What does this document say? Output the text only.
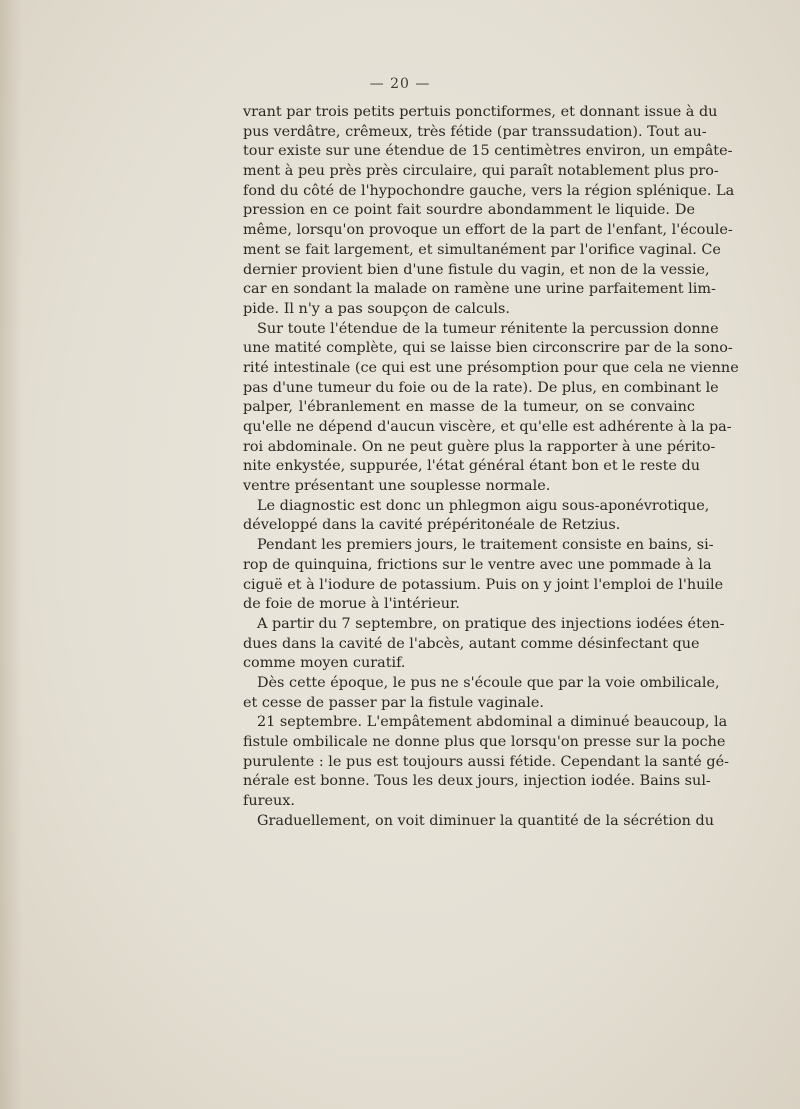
— 20 —
vrant par trois petits pertuis ponctiformes, et donnant issue à du
pus verdâtre, crêmeux, très fétide (par transsudation). Tout au-
tour existe sur une étendue de 15 centimètres environ, un empâte-
ment à peu près près circulaire, qui paraît notablement plus pro-
fond du côté de l'hypochondre gauche, vers la région splénique. La
pression en ce point fait sourdre abondamment le liquide. De
même, lorsqu'on provoque un effort de la part de l'enfant, l'écoule-
ment se fait largement, et simultanément par l'orifice vaginal. Ce
dernier provient bien d'une fistule du vagin, et non de la vessie,
car en sondant la malade on ramène une urine parfaitement lim-
pide. Il n'y a pas soupçon de calculs.
Sur toute l'étendue de la tumeur rénitente la percussion donne
une matité complète, qui se laisse bien circonscrire par de la sono-
rité intestinale (ce qui est une présomption pour que cela ne vienne
pas d'une tumeur du foie ou de la rate). De plus, en combinant le
palper, l'ébranlement en masse de la tumeur, on se convainc
qu'elle ne dépend d'aucun viscère, et qu'elle est adhérente à la pa-
roi abdominale. On ne peut guère plus la rapporter à une périto-
nite enkystée, suppurée, l'état général étant bon et le reste du
ventre présentant une souplesse normale.
Le diagnostic est donc un phlegmon aigu sous-aponévrotique,
développé dans la cavité prépéritonéale de Retzius.
Pendant les premiers jours, le traitement consiste en bains, si-
rop de quinquina, frictions sur le ventre avec une pommade à la
ciguë et à l'iodure de potassium. Puis on y joint l'emploi de l'huile
de foie de morue à l'intérieur.
A partir du 7 septembre, on pratique des injections iodées éten-
dues dans la cavité de l'abcès, autant comme désinfectant que
comme moyen curatif.
Dès cette époque, le pus ne s'écoule que par la voie ombilicale,
et cesse de passer par la fistule vaginale.
21 septembre. L'empâtement abdominal a diminué beaucoup, la
fistule ombilicale ne donne plus que lorsqu'on presse sur la poche
purulente : le pus est toujours aussi fétide. Cependant la santé gé-
nérale est bonne. Tous les deux jours, injection iodée. Bains sul-
fureux.
Graduellement, on voit diminuer la quantité de la sécrétion du
